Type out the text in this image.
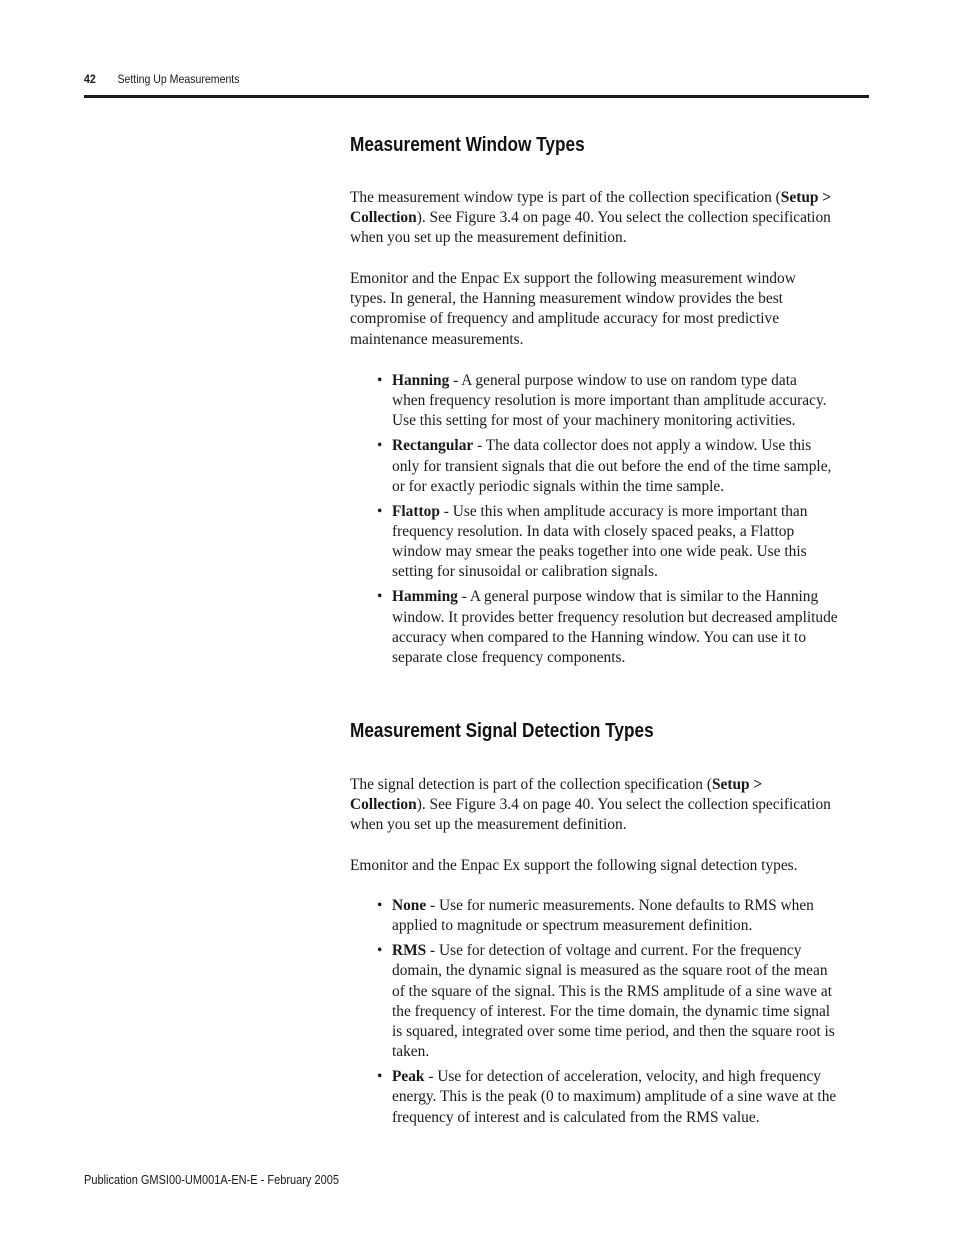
42 Setting Up Measurements
Measurement Window Types
The measurement window type is part of the collection specification (Setup >
Collection). See Figure 3.4 on page 40. You select the collection specification
when you set up the measurement definition.
Emonitor and the Enpac Ex support the following measurement window
types. In general, the Hanning measurement window provides the best
compromise of frequency and amplitude accuracy for most predictive
maintenance measurements.
• Hanning - A general purpose window to use on random type data
when frequency resolution is more important than amplitude accuracy.
Use this setting for most of your machinery monitoring activities.
• Rectangular - The data collector does not apply a window. Use this
only for transient signals that die out before the end of the time sample,
or for exactly periodic signals within the time sample.
• Flattop - Use this when amplitude accuracy is more important than
frequency resolution. In data with closely spaced peaks, a Flattop
window may smear the peaks together into one wide peak. Use this
setting for sinusoidal or calibration signals.
• Hamming - A general purpose window that is similar to the Hanning
window. It provides better frequency resolution but decreased amplitude
accuracy when compared to the Hanning window. You can use it to
separate close frequency components.
Measurement Signal Detection Types
The signal detection is part of the collection specification (Setup >
Collection). See Figure 3.4 on page 40. You select the collection specification
when you set up the measurement definition.
Emonitor and the Enpac Ex support the following signal detection types.
• None - Use for numeric measurements. None defaults to RMS when
applied to magnitude or spectrum measurement definition.
• RMS - Use for detection of voltage and current. For the frequency
domain, the dynamic signal is measured as the square root of the mean
of the square of the signal. This is the RMS amplitude of a sine wave at
the frequency of interest. For the time domain, the dynamic time signal
is squared, integrated over some time period, and then the square root is
taken.
• Peak - Use for detection of acceleration, velocity, and high frequency
energy. This is the peak (0 to maximum) amplitude of a sine wave at the
frequency of interest and is calculated from the RMS value.
Publication GMSI00-UM001A-EN-E - February 2005
